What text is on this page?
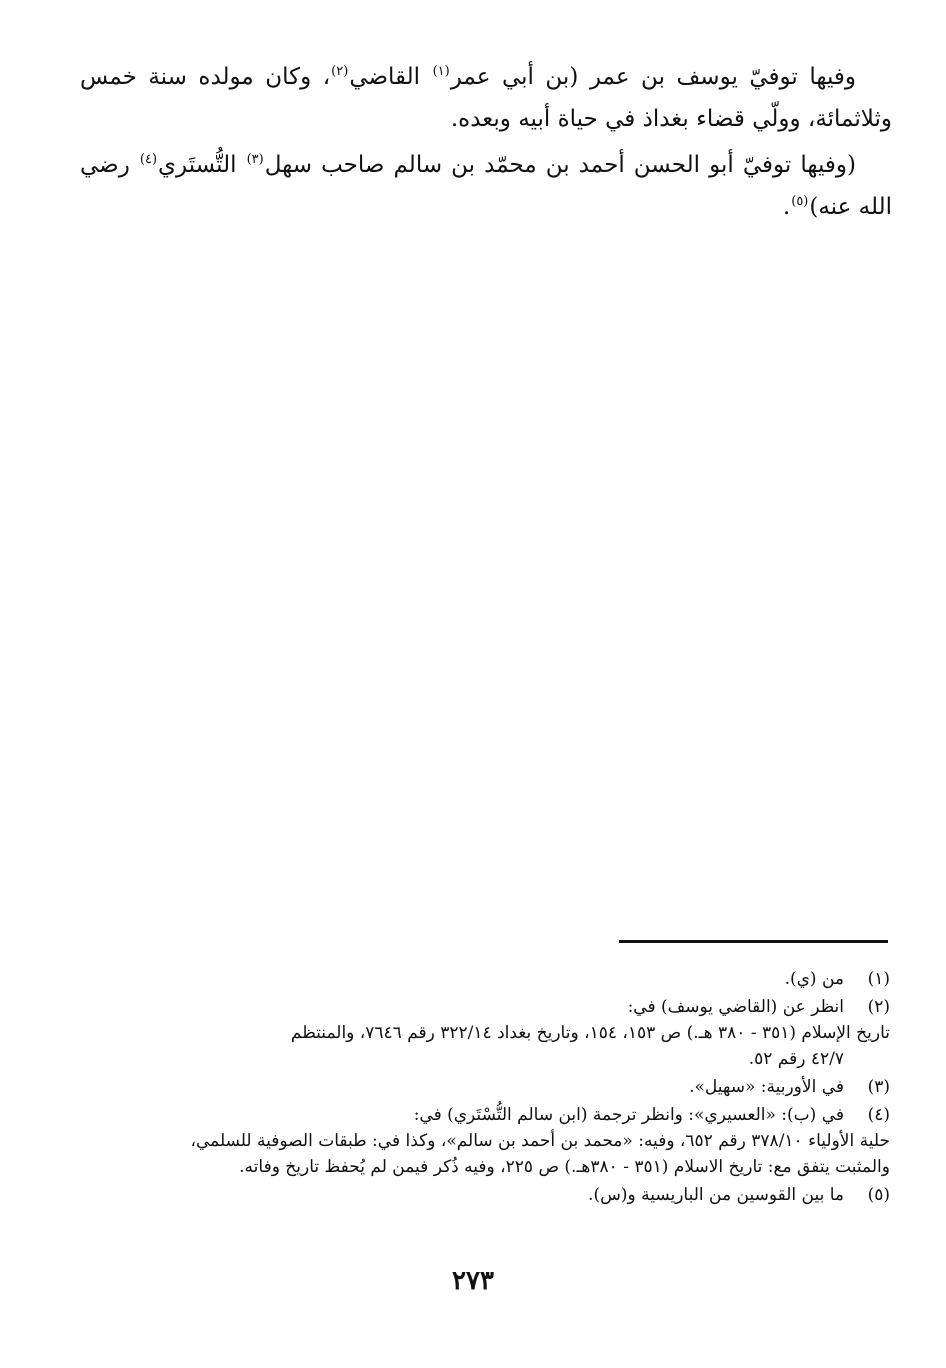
وفيها توفيّ يوسف بن عمر (بن أبي عمر$^{(١)}$ القاضي$^{(٢)}$، وكان مولده سنة خمس وثلاثمائة، وولّي قضاء بغداذ في حياة أبيه وبعده.

(وفيها توفيّ أبو الحسن أحمد بن محمّد بن سالم صاحب سهل$^{(٣)}$ التُّستَري$^{(٤)}$ رضي الله عنه)$^{(٥)}$.

(١)
من (ي).
(٢)
انظر عن (القاضي يوسف) في:
تاريخ الإسلام (٣٥١ - ٣٨٠ هـ.) ص ١٥٣، ١٥٤، وتاريخ بغداد ٣٢٢/١٤ رقم ٧٦٤٦، والمنتظم
٤٢/٧ رقم ٥٢.
(٣)
في الأوربية: «سهيل».
(٤)
في (ب): «العسيري»: وانظر ترجمة (ابن سالم التُّسْتَري) في:
حلية الأولياء ٣٧٨/١٠ رقم ٦٥٢، وفيه: «محمد بن أحمد بن سالم»، وكذا في: طبقات الصوفية للسلمي،
والمثبت يتفق مع: تاريخ الاسلام (٣٥١ - ٣٨٠هـ.) ص ٢٢٥، وفيه ذُكر فيمن لم يُحفظ تاريخ وفاته.
(٥)
ما بين القوسين من الباريسية و(س).
٢٧٣
